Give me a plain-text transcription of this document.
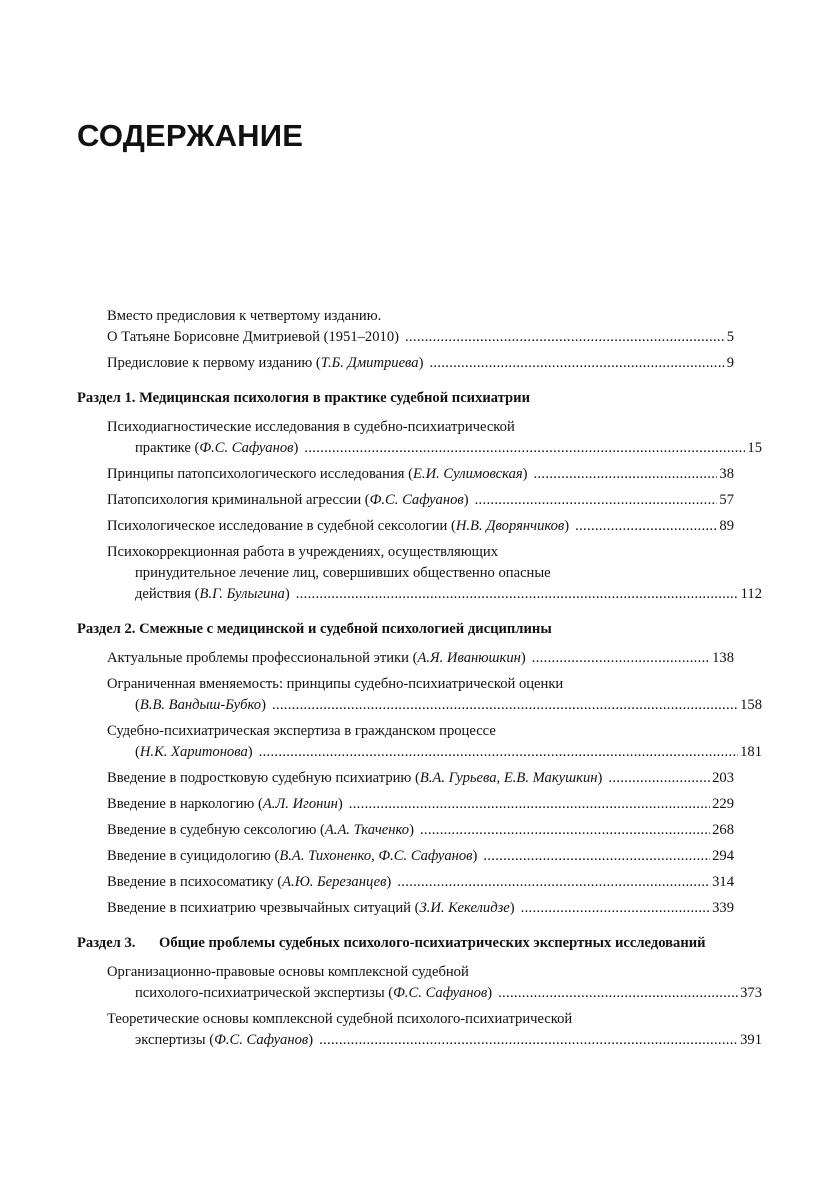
СОДЕРЖАНИЕ
Вместо предисловия к четвертому изданию.
О Татьяне Борисовне Дмитриевой (1951–2010) .....	5
Предисловие к первому изданию (Т.Б. Дмитриева) .....	9
Раздел 1. Медицинская психология в практике судебной психиатрии
Психодиагностические исследования в судебно-психиатрической
практике (Ф.С. Сафуанов) .....	15
Принципы патопсихологического исследования (Е.И. Сулимовская) .....	38
Патопсихология криминальной агрессии (Ф.С. Сафуанов) .....	57
Психологическое исследование в судебной сексологии (Н.В. Дворянчиков) .....	89
Психокоррекционная работа в учреждениях, осуществляющих
принудительное лечение лиц, совершивших общественно опасные
действия (В.Г. Булыгина) .....	112
Раздел 2. Смежные с медицинской и судебной психологией дисциплины
Актуальные проблемы профессиональной этики (А.Я. Иванюшкин) .....	138
Ограниченная вменяемость: принципы судебно-психиатрической оценки
(В.В. Вандыш-Бубко) .....	158
Судебно-психиатрическая экспертиза в гражданском процессе
(Н.К. Харитонова) .....	181
Введение в подростковую судебную психиатрию (В.А. Гурьева, Е.В. Макушкин) .....	203
Введение в наркологию (А.Л. Игонин) .....	229
Введение в судебную сексологию (А.А. Ткаченко) .....	268
Введение в суицидологию (В.А. Тихоненко, Ф.С. Сафуанов) .....	294
Введение в психосоматику (А.Ю. Березанцев) .....	314
Введение в психиатрию чрезвычайных ситуаций (З.И. Кекелидзе) .....	339
Раздел 3. Общие проблемы судебных психолого-психиатрических экспертных исследований
Организационно-правовые основы комплексной судебной
психолого-психиатрической экспертизы (Ф.С. Сафуанов) .....	373
Теоретические основы комплексной судебной психолого-психиатрической
экспертизы (Ф.С. Сафуанов) .....	391
